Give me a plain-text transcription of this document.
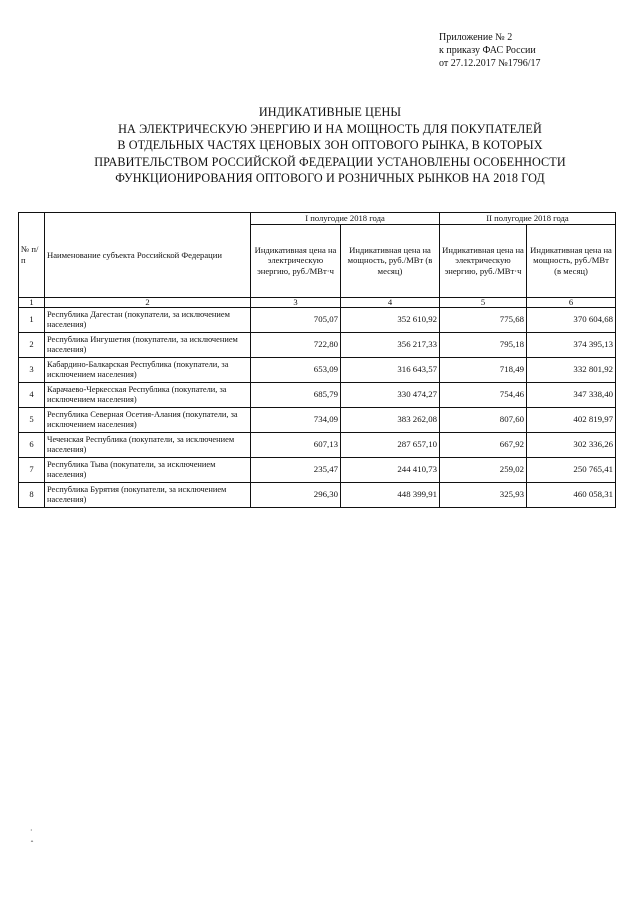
Приложение № 2
к приказу ФАС России
от 27.12.2017 №1796/17
ИНДИКАТИВНЫЕ ЦЕНЫ
НА ЭЛЕКТРИЧЕСКУЮ ЭНЕРГИЮ И НА МОЩНОСТЬ ДЛЯ ПОКУПАТЕЛЕЙ
В ОТДЕЛЬНЫХ ЧАСТЯХ ЦЕНОВЫХ ЗОН ОПТОВОГО РЫНКА, В КОТОРЫХ
ПРАВИТЕЛЬСТВОМ РОССИЙСКОЙ ФЕДЕРАЦИИ УСТАНОВЛЕНЫ ОСОБЕННОСТИ
ФУНКЦИОНИРОВАНИЯ ОПТОВОГО И РОЗНИЧНЫХ РЫНКОВ НА 2018 ГОД
№ п/п	Наименование субъекта Российской Федерации	I полугодие 2018 года		II полугодие 2018 года	
		Индикативная цена на электрическую энергию, руб./МВт·ч	Индикативная цена на мощность, руб./МВт (в месяц)	Индикативная цена на электрическую энергию, руб./МВт·ч	Индикативная цена на мощность, руб./МВт (в месяц)
1	2	3	4	5	6
1	Республика Дагестан (покупатели, за исключением населения)	705,07	352 610,92	775,68	370 604,68
2	Республика Ингушетия (покупатели, за исключением населения)	722,80	356 217,33	795,18	374 395,13
3	Кабардино-Балкарская Республика (покупатели, за исключением населения)	653,09	316 643,57	718,49	332 801,92
4	Карачаево-Черкесская Республика (покупатели, за исключением населения)	685,79	330 474,27	754,46	347 338,40
5	Республика Северная Осетия-Алания (покупатели, за исключением населения)	734,09	383 262,08	807,60	402 819,97
6	Чеченская Республика (покупатели, за исключением населения)	607,13	287 657,10	667,92	302 336,26
7	Республика Тыва (покупатели, за исключением населения)	235,47	244 410,73	259,02	250 765,41
8	Республика Бурятия (покупатели, за исключением населения)	296,30	448 399,91	325,93	460 058,31
·
ˆ
